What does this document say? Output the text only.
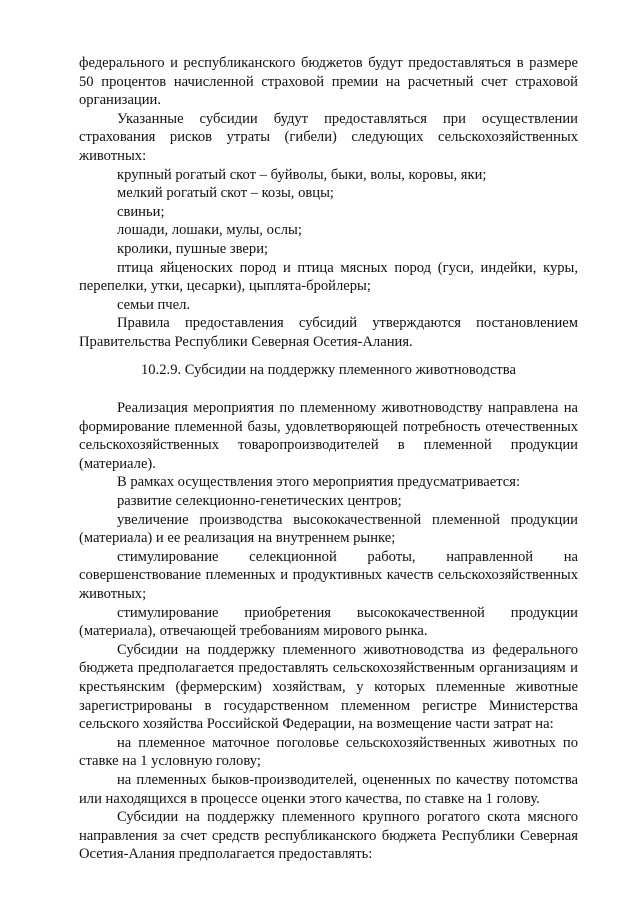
федерального и республиканского бюджетов будут предоставляться в размере 50 процентов начисленной страховой премии на расчетный счет страховой организации.

Указанные субсидии будут предоставляться при осуществлении страхования рисков утраты (гибели) следующих сельскохозяйственных животных:

крупный рогатый скот – буйволы, быки, волы, коровы, яки;

мелкий рогатый скот – козы, овцы;

свиньи;

лошади, лошаки, мулы, ослы;

кролики, пушные звери;

птица яйценоских пород и птица мясных пород (гуси, индейки, куры, перепелки, утки, цесарки), цыплята-бройлеры;

семьи пчел.

Правила предоставления субсидий утверждаются постановлением Правительства Республики Северная Осетия-Алания.

10.2.9. Субсидии на поддержку племенного животноводства

Реализация мероприятия по племенному животноводству направлена на формирование племенной базы, удовлетворяющей потребность отечественных сельскохозяйственных товаропроизводителей в племенной продукции (материале).

В рамках осуществления этого мероприятия предусматривается:

развитие селекционно-генетических центров;

увеличение производства высококачественной племенной продукции (материала) и ее реализация на внутреннем рынке;

стимулирование селекционной работы, направленной на совершенствование племенных и продуктивных качеств сельскохозяйственных животных;

стимулирование приобретения высококачественной продукции (материала), отвечающей требованиям мирового рынка.

Субсидии на поддержку племенного животноводства из федерального бюджета предполагается предоставлять сельскохозяйственным организациям и крестьянским (фермерским) хозяйствам, у которых племенные животные зарегистрированы в государственном племенном регистре Министерства сельского хозяйства Российской Федерации, на возмещение части затрат на:

на племенное маточное поголовье сельскохозяйственных животных по ставке на 1 условную голову;

на племенных быков-производителей, оцененных по качеству потомства или находящихся в процессе оценки этого качества, по ставке на 1 голову.

Субсидии на поддержку племенного крупного рогатого скота мясного направления за счет средств республиканского бюджета Республики Северная Осетия-Алания предполагается предоставлять:
